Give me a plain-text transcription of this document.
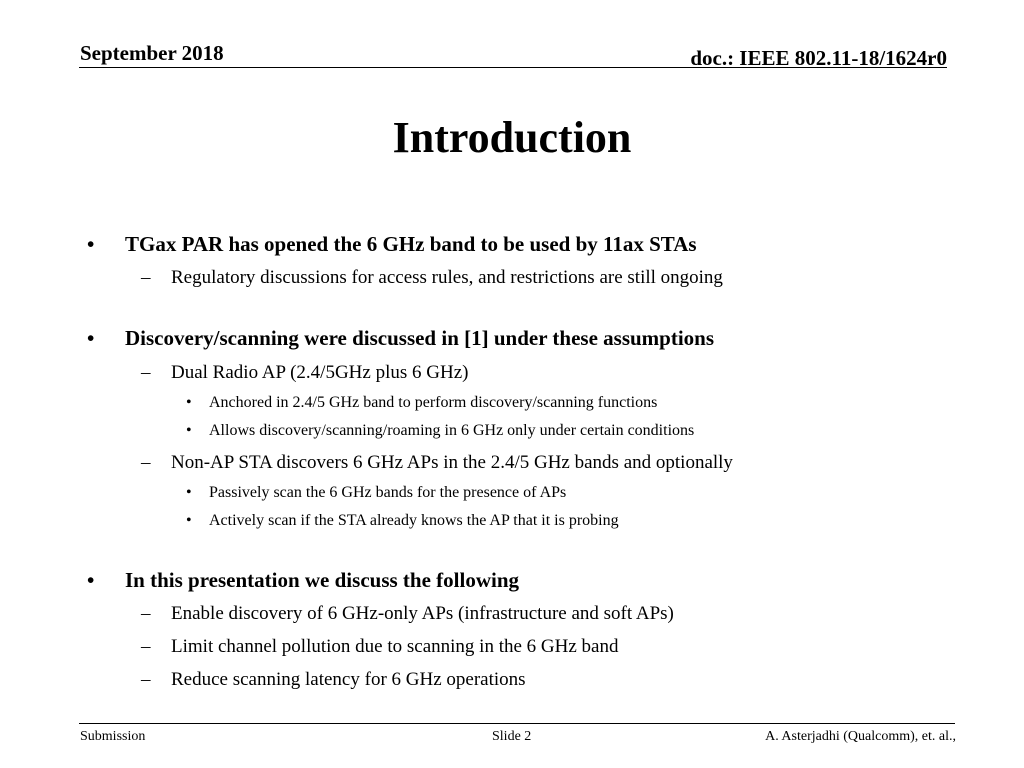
September 2018	doc.: IEEE 802.11-18/1624r0
Introduction
• TGax PAR has opened the 6 GHz band to be used by 11ax STAs
– Regulatory discussions for access rules, and restrictions are still ongoing
• Discovery/scanning were discussed in [1] under these assumptions
– Dual Radio AP (2.4/5GHz plus 6 GHz)
• Anchored in 2.4/5 GHz band to perform discovery/scanning functions
• Allows discovery/scanning/roaming in 6 GHz only under certain conditions
– Non-AP STA discovers 6 GHz APs in the 2.4/5 GHz bands and optionally
• Passively scan the 6 GHz bands for the presence of APs
• Actively scan if the STA already knows the AP that it is probing
• In this presentation we discuss the following
– Enable discovery of 6 GHz-only APs (infrastructure and soft APs)
– Limit channel pollution due to scanning in the 6 GHz band
– Reduce scanning latency for 6 GHz operations
Submission	Slide 2	A. Asterjadhi (Qualcomm), et. al.,
